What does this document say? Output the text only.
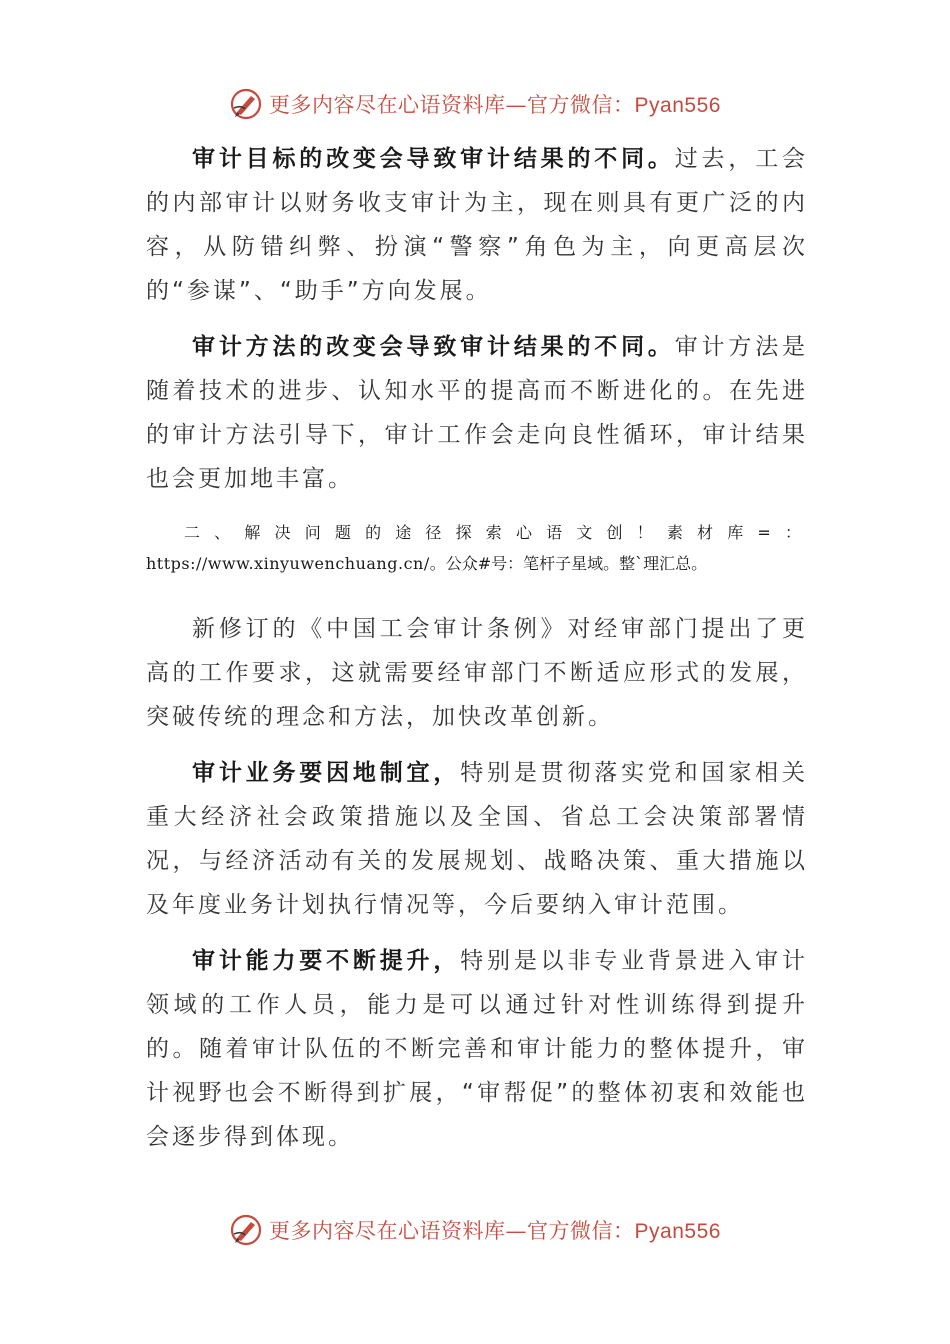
更多内容尽在心语资料库—官方微信：Pyan556

审计目标的改变会导致审计结果的不同。过去，工会的内部审计以财务收支审计为主，现在则具有更广泛的内容，从防错纠弊、扮演“警察”角色为主，向更高层次的“参谋”、“助手”方向发展。

审计方法的改变会导致审计结果的不同。审计方法是随着技术的进步、认知水平的提高而不断进化的。在先进的审计方法引导下，审计工作会走向良性循环，审计结果也会更加地丰富。

二、解决问题的途径探索心语文创！素材库=： https://www.xinyuwenchuang.cn/。公众#号：笔杆子星域。整`理汇总。

新修订的《中国工会审计条例》对经审部门提出了更高的工作要求，这就需要经审部门不断适应形式的发展，突破传统的理念和方法，加快改革创新。

审计业务要因地制宜，特别是贯彻落实党和国家相关重大经济社会政策措施以及全国、省总工会决策部署情况，与经济活动有关的发展规划、战略决策、重大措施以及年度业务计划执行情况等，今后要纳入审计范围。

审计能力要不断提升，特别是以非专业背景进入审计领域的工作人员，能力是可以通过针对性训练得到提升的。随着审计队伍的不断完善和审计能力的整体提升，审计视野也会不断得到扩展，“审帮促”的整体初衷和效能也会逐步得到体现。

更多内容尽在心语资料库—官方微信：Pyan556
